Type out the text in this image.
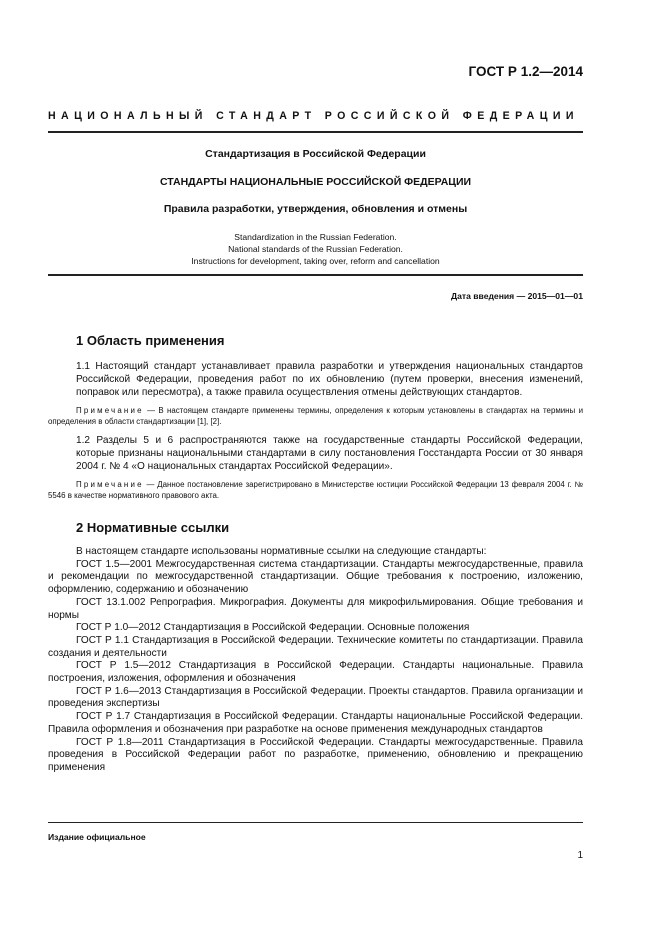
ГОСТ Р 1.2—2014
НАЦИОНАЛЬНЫЙ СТАНДАРТ РОССИЙСКОЙ ФЕДЕРАЦИИ
Стандартизация в Российской Федерации
СТАНДАРТЫ НАЦИОНАЛЬНЫЕ РОССИЙСКОЙ ФЕДЕРАЦИИ
Правила разработки, утверждения, обновления и отмены
Standardization in the Russian Federation.
National standards of the Russian Federation.
Instructions for development, taking over, reform and cancellation
Дата введения — 2015—01—01
1 Область применения
1.1 Настоящий стандарт устанавливает правила разработки и утверждения национальных стандартов Российской Федерации, проведения работ по их обновлению (путем проверки, внесения изменений, поправок или пересмотра), а также правила осуществления отмены действующих стандартов.
Примечание — В настоящем стандарте применены термины, определения к которым установлены в стандартах на термины и определения в области стандартизации [1], [2].
1.2 Разделы 5 и 6 распространяются также на государственные стандарты Российской Федерации, которые признаны национальными стандартами в силу постановления Госстандарта России от 30 января 2004 г. № 4 «О национальных стандартах Российской Федерации».
Примечание — Данное постановление зарегистрировано в Министерстве юстиции Российской Федерации 13 февраля 2004 г. № 5546 в качестве нормативного правового акта.
2 Нормативные ссылки

В настоящем стандарте использованы нормативные ссылки на следующие стандарты:

ГОСТ 1.5—2001 Межгосударственная система стандартизации. Стандарты межгосударственные, правила и рекомендации по межгосударственной стандартизации. Общие требования к построению, изложению, оформлению, содержанию и обозначению

ГОСТ 13.1.002 Репрография. Микрография. Документы для микрофильмирования. Общие требования и нормы

ГОСТ Р 1.0—2012 Стандартизация в Российской Федерации. Основные положения

ГОСТ Р 1.1 Стандартизация в Российской Федерации. Технические комитеты по стандартизации. Правила создания и деятельности

ГОСТ Р 1.5—2012 Стандартизация в Российской Федерации. Стандарты национальные. Правила построения, изложения, оформления и обозначения

ГОСТ Р 1.6—2013 Стандартизация в Российской Федерации. Проекты стандартов. Правила организации и проведения экспертизы

ГОСТ Р 1.7 Стандартизация в Российской Федерации. Стандарты национальные Российской Федерации. Правила оформления и обозначения при разработке на основе применения международных стандартов

ГОСТ Р 1.8—2011 Стандартизация в Российской Федерации. Стандарты межгосударственные. Правила проведения в Российской Федерации работ по разработке, применению, обновлению и прекращению применения

Издание официальное
1
